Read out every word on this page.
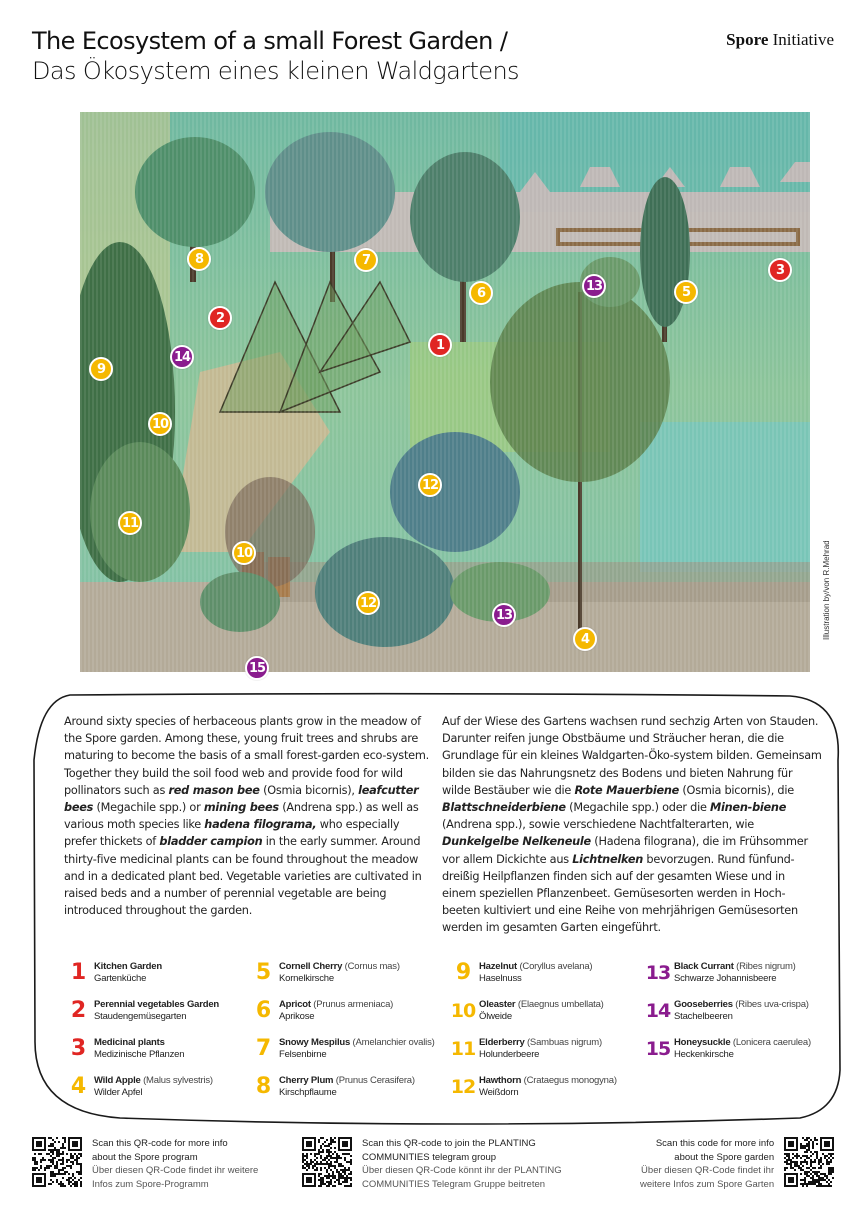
The Ecosystem of a small Forest Garden /
Das Ökosystem eines kleinen Waldgartens
Spore Initiative
Illustration by/von R.Mehrad
1
2
3
4
5
6
7
8
9
10
10
11
12
12
13
13
14
15
Around sixty species of herbaceous plants grow in the meadow of the Spore garden. Among these, young fruit trees and shrubs are maturing to become the basis of a small forest-garden eco-system. Together they build the soil food web and provide food for wild pollinators such as red mason bee (Osmia bicornis), leafcutter bees (Megachile spp.) or mining bees (Andrena spp.) as well as various moth species like hadena filograma, who especially prefer thickets of bladder campion in the early summer. Around thirty-five medicinal plants can be found throughout the meadow and in a dedicated plant bed. Vegetable varieties are cultivated in raised beds and a number of perennial vegetable are being introduced throughout the garden.
Auf der Wiese des Gartens wachsen rund sechzig Arten von Stauden. Darunter reifen junge Obstbäume und Sträucher heran, die die Grundlage für ein kleines Waldgarten-Öko-system bilden. Gemeinsam bilden sie das Nahrungsnetz des Bodens und bieten Nahrung für wilde Bestäuber wie die Rote Mauerbiene (Osmia bicornis), die Blattschneiderbiene (Megachile spp.) oder die Minen-biene (Andrena spp.), sowie verschiedene Nachtfalterarten, wie Dunkelgelbe Nelkeneule (Hadena filograna), die im Frühsommer vor allem Dickichte aus Lichtnelken bevorzugen. Rund fünfund-dreißig Heilpflanzen finden sich auf der gesamten Wiese und in einem speziellen Pflanzenbeet. Gemüsesorten werden in Hoch-beeten kultiviert und eine Reihe von mehrjährigen Gemüsesorten werden im gesamten Garten eingeführt.
1 Kitchen Garden
Gartenküche
2 Perennial vegetables Garden
Staudengemüsegarten
3 Medicinal plants
Medizinische Pflanzen
4 Wild Apple (Malus sylvestris)
Wilder Apfel
5 Cornell Cherry (Cornus mas)
Kornelkirsche
6 Apricot (Prunus armeniaca)
Aprikose
7 Snowy Mespilus (Amelanchier ovalis)
Felsenbirne
8 Cherry Plum (Prunus Cerasifera)
Kirschpflaume
9 Hazelnut (Coryllus avelana)
Haselnuss
10 Oleaster (Elaegnus umbellata)
Ölweide
11 Elderberry (Sambuas nigrum)
Holunderbeere
12 Hawthorn (Crataegus monogyna)
Weißdorn
13 Black Currant (Ribes nigrum)
Schwarze Johannisbeere
14 Gooseberries (Ribes uva-crispa)
Stachelbeeren
15 Honeysuckle (Lonicera caerulea)
Heckenkirsche
Scan this QR-code for more info
about the Spore program
Über diesen QR-Code findet ihr weitere
Infos zum Spore-Programm
Scan this QR-code to join the PLANTING
COMMUNITIES telegram group
Über diesen QR-Code könnt ihr der PLANTING
COMMUNITIES Telegram Gruppe beitreten
Scan this code for more info
about the Spore garden
Über diesen QR-Code findet ihr
weitere Infos zum Spore Garten
